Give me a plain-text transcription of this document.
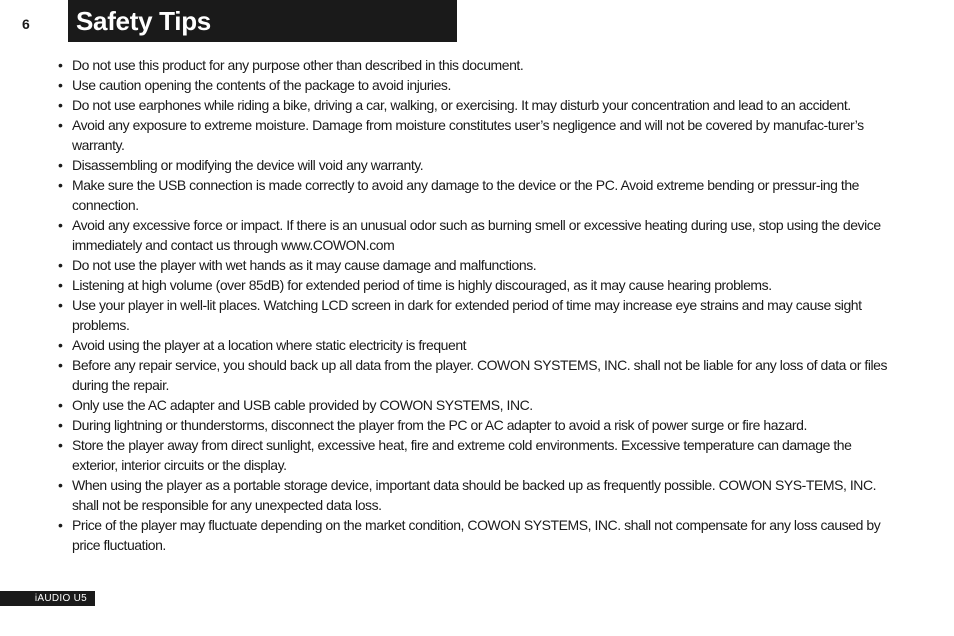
6 Safety Tips
• Do not use this product for any purpose other than described in this document.
• Use caution opening the contents of the package to avoid injuries.
• Do not use earphones while riding a bike, driving a car, walking, or exercising. It may disturb your concentration and lead to an accident.
• Avoid any exposure to extreme moisture. Damage from moisture constitutes user’s negligence and will not be covered by manufac-turer’s warranty.
• Disassembling or modifying the device will void any warranty.
• Make sure the USB connection is made correctly to avoid any damage to the device or the PC. Avoid extreme bending or pressur-ing the connection.
• Avoid any excessive force or impact. If there is an unusual odor such as burning smell or excessive heating during use, stop using the device immediately and contact us through www.COWON.com
• Do not use the player with wet hands as it may cause damage and malfunctions.
• Listening at high volume (over 85dB) for extended period of time is highly discouraged, as it may cause hearing problems.
• Use your player in well-lit places. Watching LCD screen in dark for extended period of time may increase eye strains and may cause sight problems.
• Avoid using the player at a location where static electricity is frequent
• Before any repair service, you should back up all data from the player. COWON SYSTEMS, INC. shall not be liable for any loss of data or files during the repair.
• Only use the AC adapter and USB cable provided by COWON SYSTEMS, INC.
• During lightning or thunderstorms, disconnect the player from the PC or AC adapter to avoid a risk of power surge or fire hazard.
• Store the player away from direct sunlight, excessive heat, fire and extreme cold environments. Excessive temperature can damage the exterior, interior circuits or the display.
• When using the player as a portable storage device, important data should be backed up as frequently possible. COWON SYS-TEMS, INC. shall not be responsible for any unexpected data loss.
• Price of the player may fluctuate depending on the market condition, COWON SYSTEMS, INC. shall not compensate for any loss caused by price fluctuation.
iAUDIO U5
